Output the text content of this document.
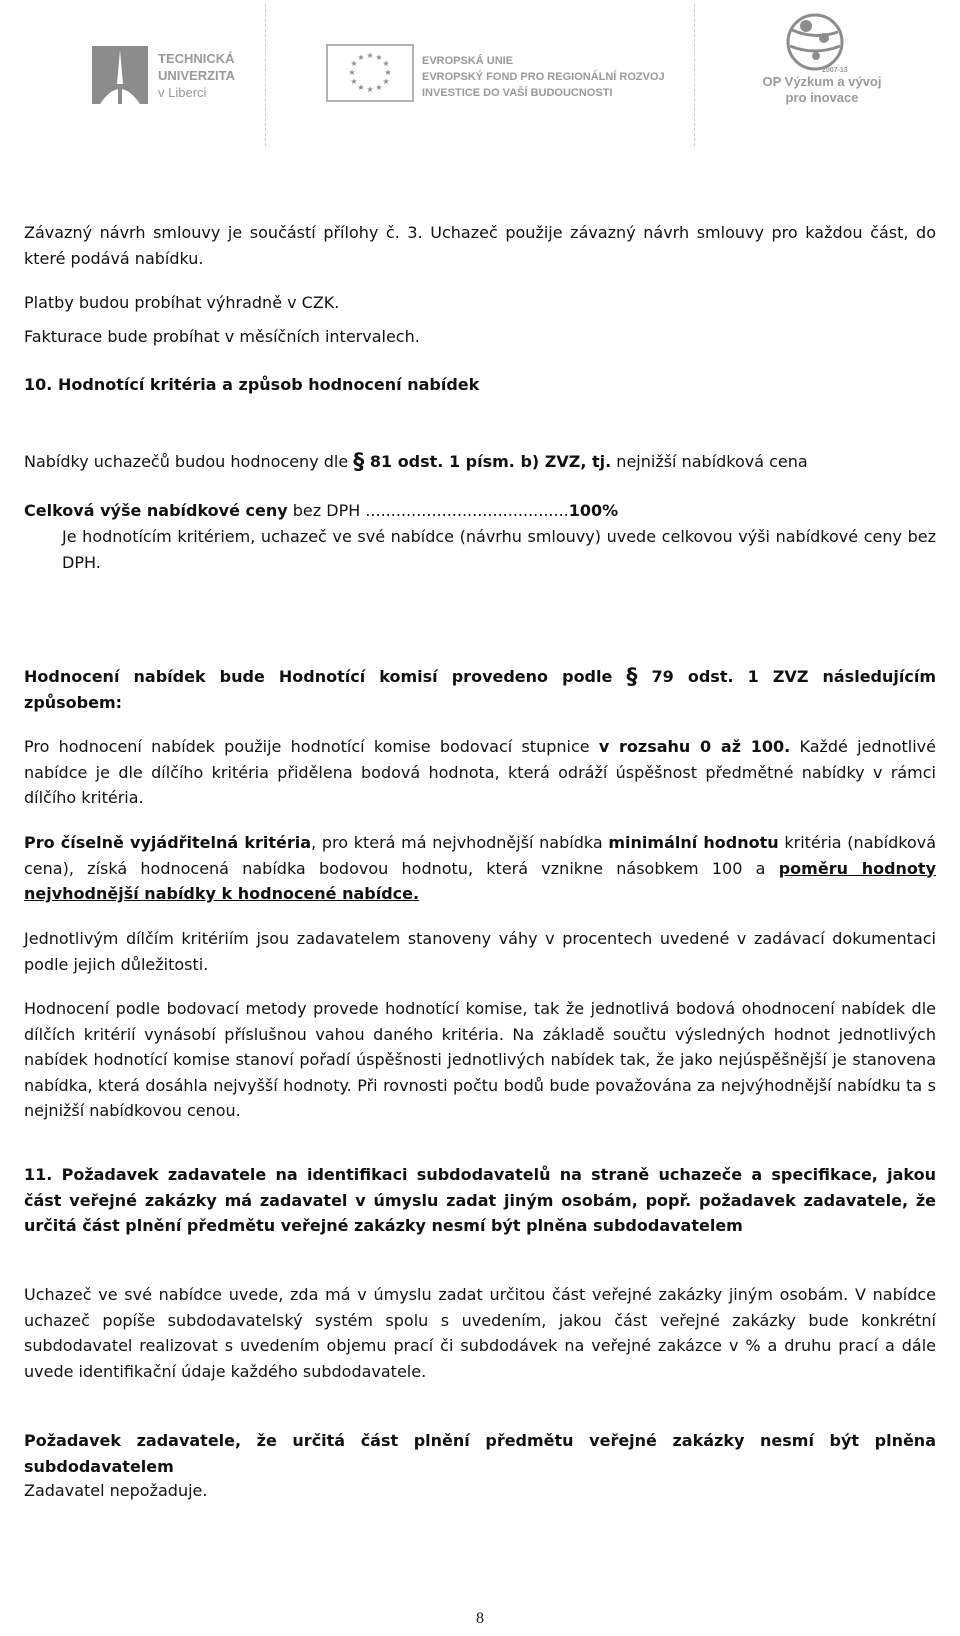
TECHNICKÁ
UNIVERZITA
v Liberci
★ ★
★
★
★
★
★
★
★
★
★
★	EVROPSKÁ UNIE
EVROPSKÝ FOND PRO REGIONÁLNÍ ROZVOJ
INVESTICE DO VAŠÍ BUDOUCNOSTI
2007-13
OP Výzkum a vývoj
pro inovace

Závazný návrh smlouvy je součástí přílohy č. 3. Uchazeč použije závazný návrh smlouvy pro každou část, do které podává nabídku.

Platby budou probíhat výhradně v CZK.

Fakturace bude probíhat v měsíčních intervalech.

10. Hodnotící kritéria a způsob hodnocení nabídek

Nabídky uchazečů budou hodnoceny dle § 81 odst. 1 písm. b) ZVZ, tj. nejnižší nabídková cena

Celková výše nabídkové ceny bez DPH ........................................100%

Je hodnotícím kritériem, uchazeč ve své nabídce (návrhu smlouvy) uvede celkovou výši nabídkové ceny bez DPH.

Hodnocení nabídek bude Hodnotící komisí provedeno podle § 79 odst. 1 ZVZ následujícím způsobem:

Pro hodnocení nabídek použije hodnotící komise bodovací stupnice v rozsahu 0 až 100. Každé jednotlivé nabídce je dle dílčího kritéria přidělena bodová hodnota, která odráží úspěšnost předmětné nabídky v rámci dílčího kritéria.

Pro číselně vyjádřitelná kritéria, pro která má nejvhodnější nabídka minimální hodnotu kritéria (nabídková cena), získá hodnocená nabídka bodovou hodnotu, která vznikne násobkem 100 a poměru hodnoty nejvhodnější nabídky k hodnocené nabídce.

Jednotlivým dílčím kritériím jsou zadavatelem stanoveny váhy v procentech uvedené v zadávací dokumentaci podle jejich důležitosti.

Hodnocení podle bodovací metody provede hodnotící komise, tak že jednotlivá bodová ohodnocení nabídek dle dílčích kritérií vynásobí příslušnou vahou daného kritéria. Na základě součtu výsledných hodnot jednotlivých nabídek hodnotící komise stanoví pořadí úspěšnosti jednotlivých nabídek tak, že jako nejúspěšnější je stanovena nabídka, která dosáhla nejvyšší hodnoty. Při rovnosti počtu bodů bude považována za nejvýhodnější nabídku ta s nejnižší nabídkovou cenou.

11. Požadavek zadavatele na identifikaci subdodavatelů na straně uchazeče a specifikace, jakou část veřejné zakázky má zadavatel v úmyslu zadat jiným osobám, popř. požadavek zadavatele, že určitá část plnění předmětu veřejné zakázky nesmí být plněna subdodavatelem

Uchazeč ve své nabídce uvede, zda má v úmyslu zadat určitou část veřejné zakázky jiným osobám. V nabídce uchazeč popíše subdodavatelský systém spolu s uvedením, jakou část veřejné zakázky bude konkrétní subdodavatel realizovat s uvedením objemu prací či subdodávek na veřejné zakázce v % a druhu prací a dále uvede identifikační údaje každého subdodavatele.

Požadavek zadavatele, že určitá část plnění předmětu veřejné zakázky nesmí být plněna subdodavatelem

Zadavatel nepožaduje.

8
